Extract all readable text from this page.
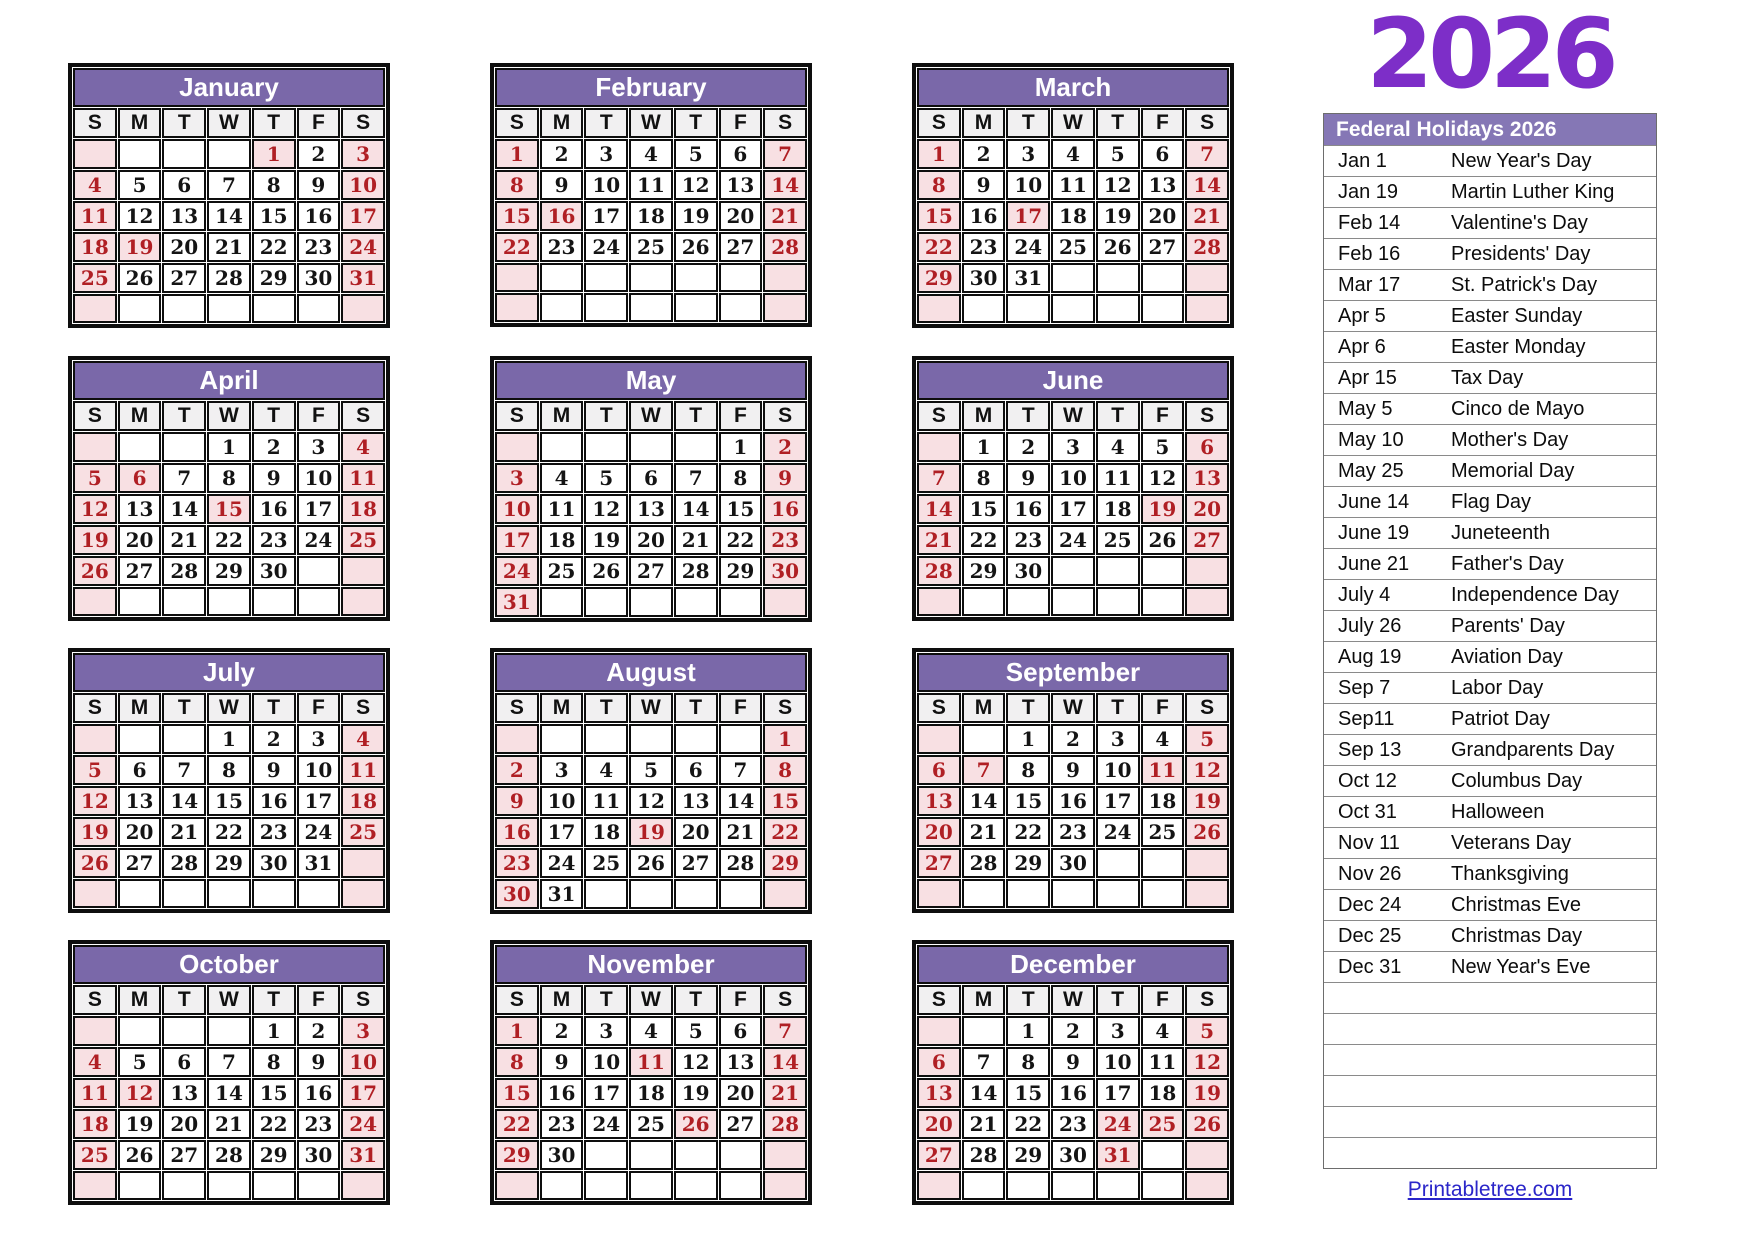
January						
S	M	T	W	T	F	S
				1	2	3
4	5	6	7	8	9	10
11	12	13	14	15	16	17
18	19	20	21	22	23	24
25	26	27	28	29	30	31

February						
S	M	T	W	T	F	S
1	2	3	4	5	6	7
8	9	10	11	12	13	14
15	16	17	18	19	20	21
22	23	24	25	26	27	28

March						
S	M	T	W	T	F	S
1	2	3	4	5	6	7
8	9	10	11	12	13	14
15	16	17	18	19	20	21
22	23	24	25	26	27	28
29	30	31				

April						
S	M	T	W	T	F	S
			1	2	3	4
5	6	7	8	9	10	11
12	13	14	15	16	17	18
19	20	21	22	23	24	25
26	27	28	29	30		

May						
S	M	T	W	T	F	S
					1	2
3	4	5	6	7	8	9
10	11	12	13	14	15	16
17	18	19	20	21	22	23
24	25	26	27	28	29	30
31						
June						
S	M	T	W	T	F	S
	1	2	3	4	5	6
7	8	9	10	11	12	13
14	15	16	17	18	19	20
21	22	23	24	25	26	27
28	29	30				

July						
S	M	T	W	T	F	S
			1	2	3	4
5	6	7	8	9	10	11
12	13	14	15	16	17	18
19	20	21	22	23	24	25
26	27	28	29	30	31	

August						
S	M	T	W	T	F	S
						1
2	3	4	5	6	7	8
9	10	11	12	13	14	15
16	17	18	19	20	21	22
23	24	25	26	27	28	29
30	31					
September						
S	M	T	W	T	F	S
		1	2	3	4	5
6	7	8	9	10	11	12
13	14	15	16	17	18	19
20	21	22	23	24	25	26
27	28	29	30			

October						
S	M	T	W	T	F	S
				1	2	3
4	5	6	7	8	9	10
11	12	13	14	15	16	17
18	19	20	21	22	23	24
25	26	27	28	29	30	31

November						
S	M	T	W	T	F	S
1	2	3	4	5	6	7
8	9	10	11	12	13	14
15	16	17	18	19	20	21
22	23	24	25	26	27	28
29	30					

December						
S	M	T	W	T	F	S
		1	2	3	4	5
6	7	8	9	10	11	12
13	14	15	16	17	18	19
20	21	22	23	24	25	26
27	28	29	30	31		

2026
Federal Holidays 2026
Jan 1	New Year's Day
Jan 19	Martin Luther King
Feb 14	Valentine's Day
Feb 16	Presidents' Day
Mar 17	St. Patrick's Day
Apr 5	Easter Sunday
Apr 6	Easter Monday
Apr 15	Tax Day
May 5	Cinco de Mayo
May 10	Mother's Day
May 25	Memorial Day
June 14	Flag Day
June 19	Juneteenth
June 21	Father's Day
July 4	Independence Day
July 26	Parents' Day
Aug 19	Aviation Day
Sep 7	Labor Day
Sep11	Patriot Day
Sep 13	Grandparents Day
Oct 12	Columbus Day
Oct 31	Halloween
Nov 11	Veterans Day
Nov 26	Thanksgiving
Dec 24	Christmas Eve
Dec 25	Christmas Day
Dec 31	New Year's Eve
Printabletree.com
